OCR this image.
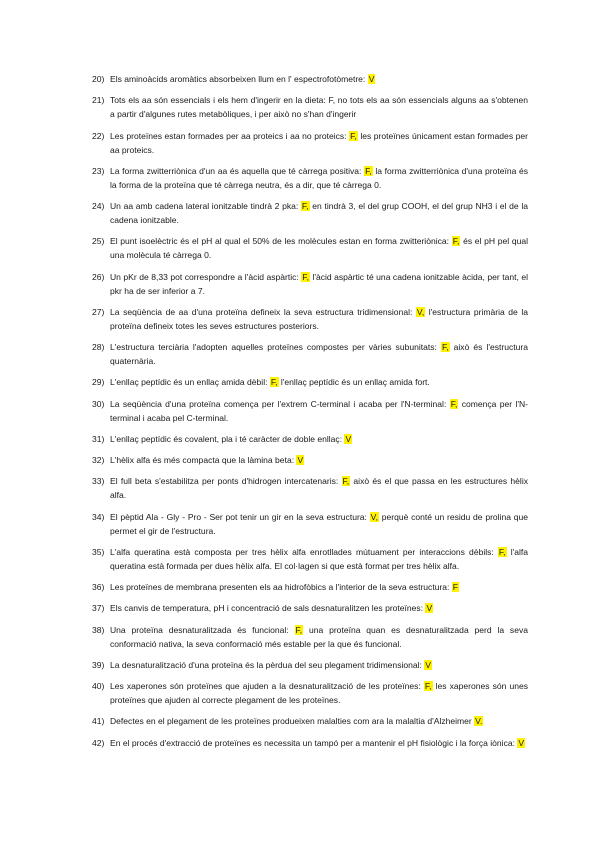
20) Els aminoàcids aromàtics absorbeixen llum en l' espectrofotòmetre: V
21) Tots els aa són essencials i els hem d'ingerir en la dieta: F, no tots els aa són essencials alguns aa s'obtenen a partir d'algunes rutes metabòliques, i per això no s'han d'ingerir
22) Les proteïnes estan formades per aa proteics i aa no proteics: F, les proteïnes únicament estan formades per aa proteics.
23) La forma zwitterriònica d'un aa és aquella que té càrrega positiva: F, la forma zwitterriònica d'una proteïna és la forma de la proteïna que té càrrega neutra, és a dir, que té càrrega 0.
24) Un aa amb cadena lateral ionitzable tindrà 2 pka: F, en tindrà 3, el del grup COOH, el del grup NH3 i el de la cadena ionitzable.
25) El punt isoelèctric és el pH al qual el 50% de les molècules estan en forma zwitteriònica: F, és el pH pel qual una molècula té càrrega 0.
26) Un pKr de 8,33 pot correspondre a l'àcid aspàrtic: F, l'àcid aspàrtic té una cadena ionitzable àcida, per tant, el pkr ha de ser inferior a 7.
27) La seqüència de aa d'una proteïna defineix la seva estructura tridimensional: V, l'estructura primària de la proteïna defineix totes les seves estructures posteriors.
28) L'estructura terciària l'adopten aquelles proteïnes compostes per vàries subunitats: F, això és l'estructura quaternària.
29) L'enllaç peptídic és un enllaç amida dèbil: F, l'enllaç peptídic és un enllaç amida fort.
30) La seqüència d'una proteïna comença per l'extrem C-terminal i acaba per l'N-terminal: F, comença per l'N-terminal i acaba pel C-terminal.
31) L'enllaç peptídic és covalent, pla i té caràcter de doble enllaç: V
32) L'hèlix alfa és més compacta que la làmina beta: V
33) El full beta s'estabilitza per ponts d'hidrogen intercatenaris: F, això és el que passa en les estructures hèlix alfa.
34) El pèptid Ala - Gly - Pro - Ser pot tenir un gir en la seva estructura: V, perquè conté un residu de prolina que permet el gir de l'estructura.
35) L'alfa queratina està composta per tres hèlix alfa enrotllades mútuament per interaccions dèbils: F, l'alfa queratina està formada per dues hèlix alfa. El col·lagen si que està format per tres hèlix alfa.
36) Les proteïnes de membrana presenten els aa hidrofòbics a l'interior de la seva estructura: F
37) Els canvis de temperatura, pH i concentració de sals desnaturalitzen les proteïnes: V
38) Una proteïna desnaturalitzada és funcional: F, una proteïna quan es desnaturalitzada perd la seva conformació nativa, la seva conformació més estable per la que és funcional.
39) La desnaturalització d'una proteïna és la pèrdua del seu plegament tridimensional: V
40) Les xaperones són proteïnes que ajuden a la desnaturalització de les proteïnes: F, les xaperones són unes proteïnes que ajuden al correcte plegament de les proteïnes.
41) Defectes en el plegament de les proteïnes produeixen malalties com ara la malaltia d'Alzheimer V.
42) En el procés d'extracció de proteïnes es necessita un tampó per a mantenir el pH fisiològic i la força iònica: V
